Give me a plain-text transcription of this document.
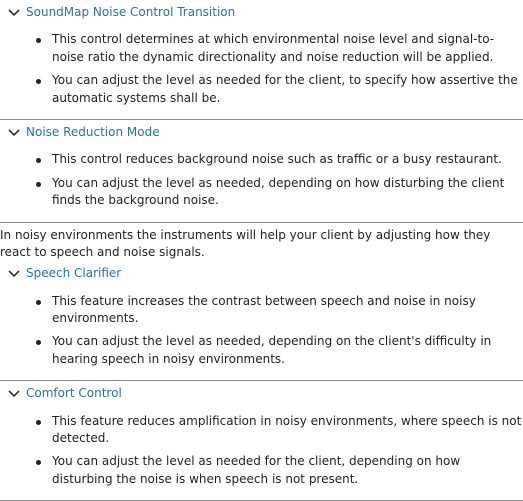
SoundMap Noise Control Transition
This control determines at which environmental noise level and signal-to-noise ratio the dynamic directionality and noise reduction will be applied.
You can adjust the level as needed for the client, to specify how assertive the automatic systems shall be.
Noise Reduction Mode
This control reduces background noise such as traffic or a busy restaurant.
You can adjust the level as needed, depending on how disturbing the client finds the background noise.

In noisy environments the instruments will help your client by adjusting how they react to speech and noise signals.

Speech Clarifier
This feature increases the contrast between speech and noise in noisy environments.
You can adjust the level as needed, depending on the client's difficulty in hearing speech in noisy environments.
Comfort Control
This feature reduces amplification in noisy environments, where speech is not detected.
You can adjust the level as needed for the client, depending on how disturbing the noise is when speech is not present.
